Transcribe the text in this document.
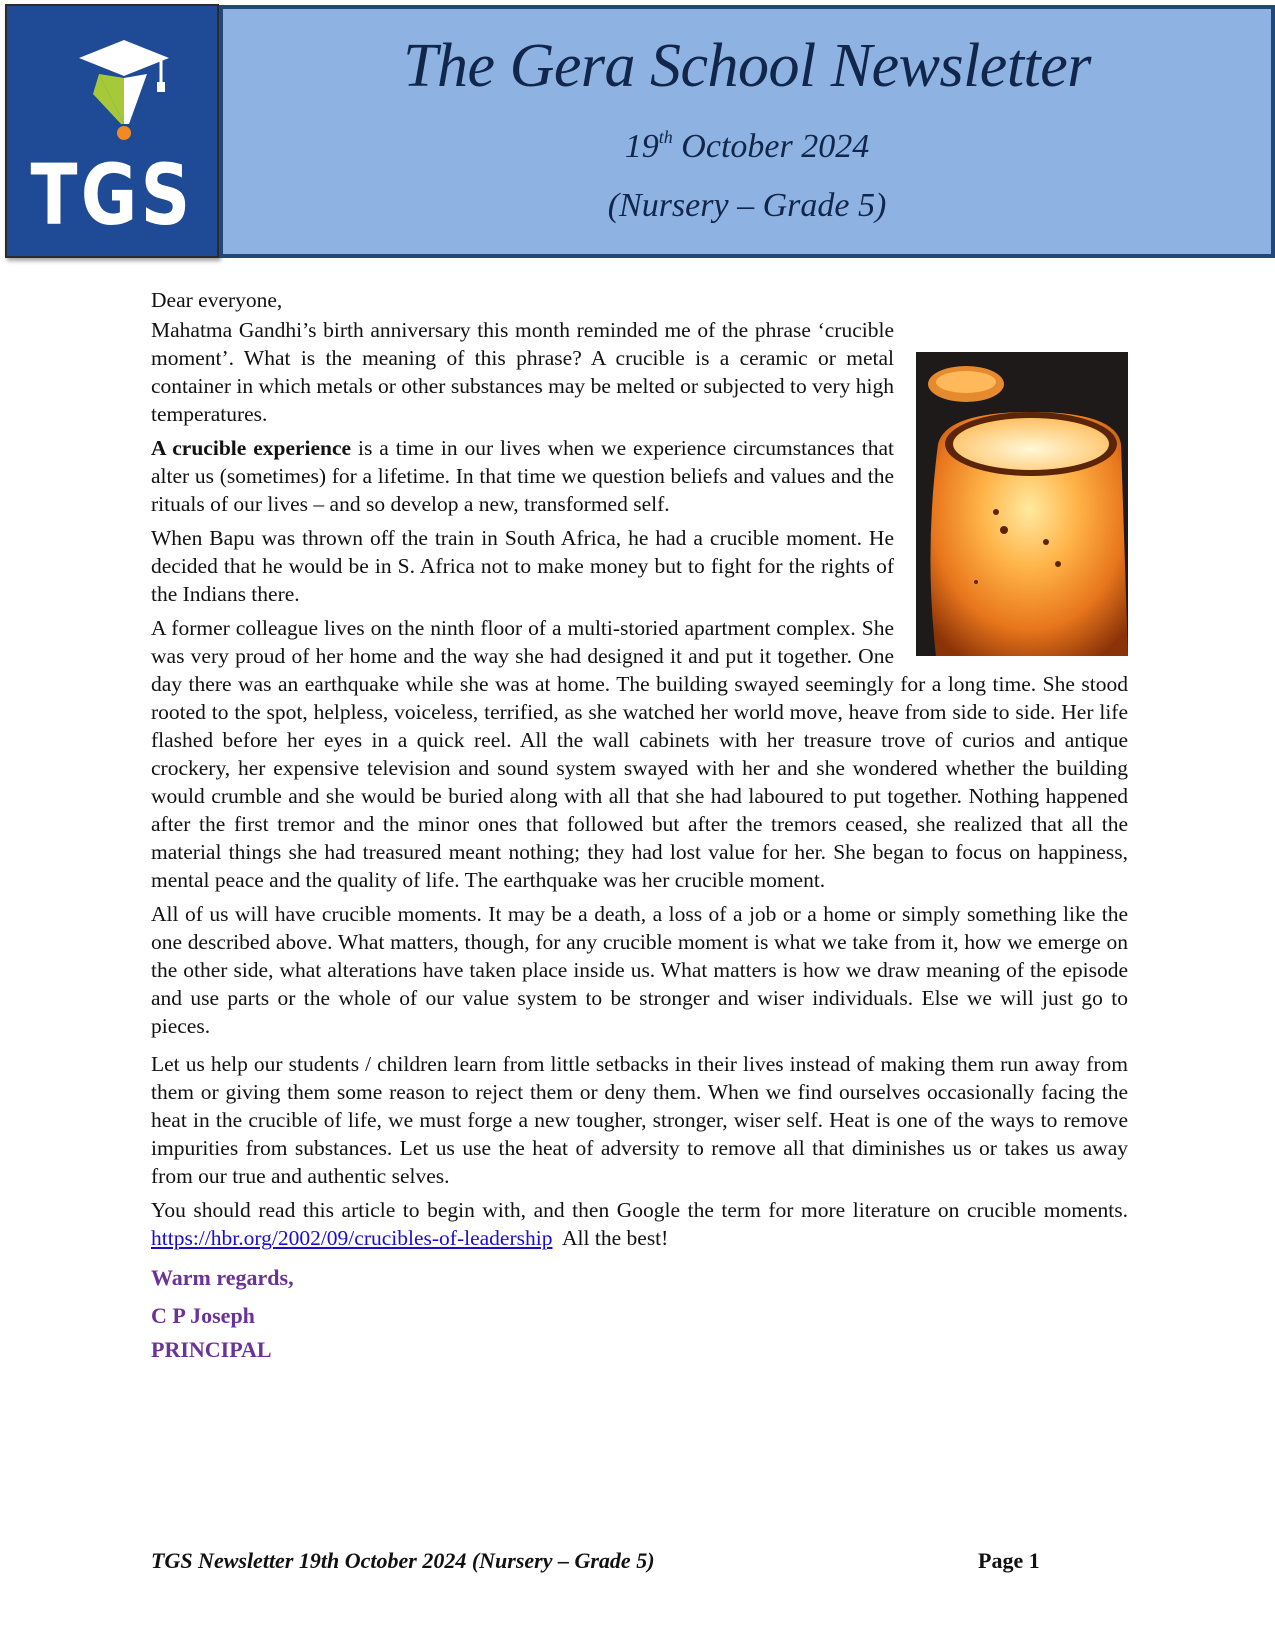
TGS
The Gera School Newsletter
19th October 2024
(Nursery – Grade 5)

Dear everyone,

Mahatma Gandhi’s birth anniversary this month reminded me of the phrase ‘crucible moment’. What is the meaning of this phrase? A crucible is a ceramic or metal container in which metals or other substances may be melted or subjected to very high temperatures.

A crucible experience is a time in our lives when we experience circumstances that alter us (sometimes) for a lifetime. In that time we question beliefs and values and the rituals of our lives – and so develop a new, transformed self.

When Bapu was thrown off the train in South Africa, he had a crucible moment. He decided that he would be in S. Africa not to make money but to fight for the rights of the Indians there.

A former colleague lives on the ninth floor of a multi-storied apartment complex. She was very proud of her home and the way she had designed it and put it together. One day there was an earthquake while she was at home. The building swayed seemingly for a long time. She stood rooted to the spot, helpless, voiceless, terrified, as she watched her world move, heave from side to side. Her life flashed before her eyes in a quick reel. All the wall cabinets with her treasure trove of curios and antique crockery, her expensive television and sound system swayed with her and she wondered whether the building would crumble and she would be buried along with all that she had laboured to put together. Nothing happened after the first tremor and the minor ones that followed but after the tremors ceased, she realized that all the material things she had treasured meant nothing; they had lost value for her. She began to focus on happiness, mental peace and the quality of life. The earthquake was her crucible moment.

All of us will have crucible moments. It may be a death, a loss of a job or a home or simply something like the one described above. What matters, though, for any crucible moment is what we take from it, how we emerge on the other side, what alterations have taken place inside us. What matters is how we draw meaning of the episode and use parts or the whole of our value system to be stronger and wiser individuals. Else we will just go to pieces.

Let us help our students / children learn from little setbacks in their lives instead of making them run away from them or giving them some reason to reject them or deny them. When we find ourselves occasionally facing the heat in the crucible of life, we must forge a new tougher, stronger, wiser self. Heat is one of the ways to remove impurities from substances. Let us use the heat of adversity to remove all that diminishes us or takes us away from our true and authentic selves.

You should read this article to begin with, and then Google the term for more literature on crucible moments.  https://hbr.org/2002/09/crucibles-of-leadership  All the best!

Warm regards,

C P Joseph

PRINCIPAL

TGS Newsletter 19th October 2024 (Nursery – Grade 5)	Page 1
